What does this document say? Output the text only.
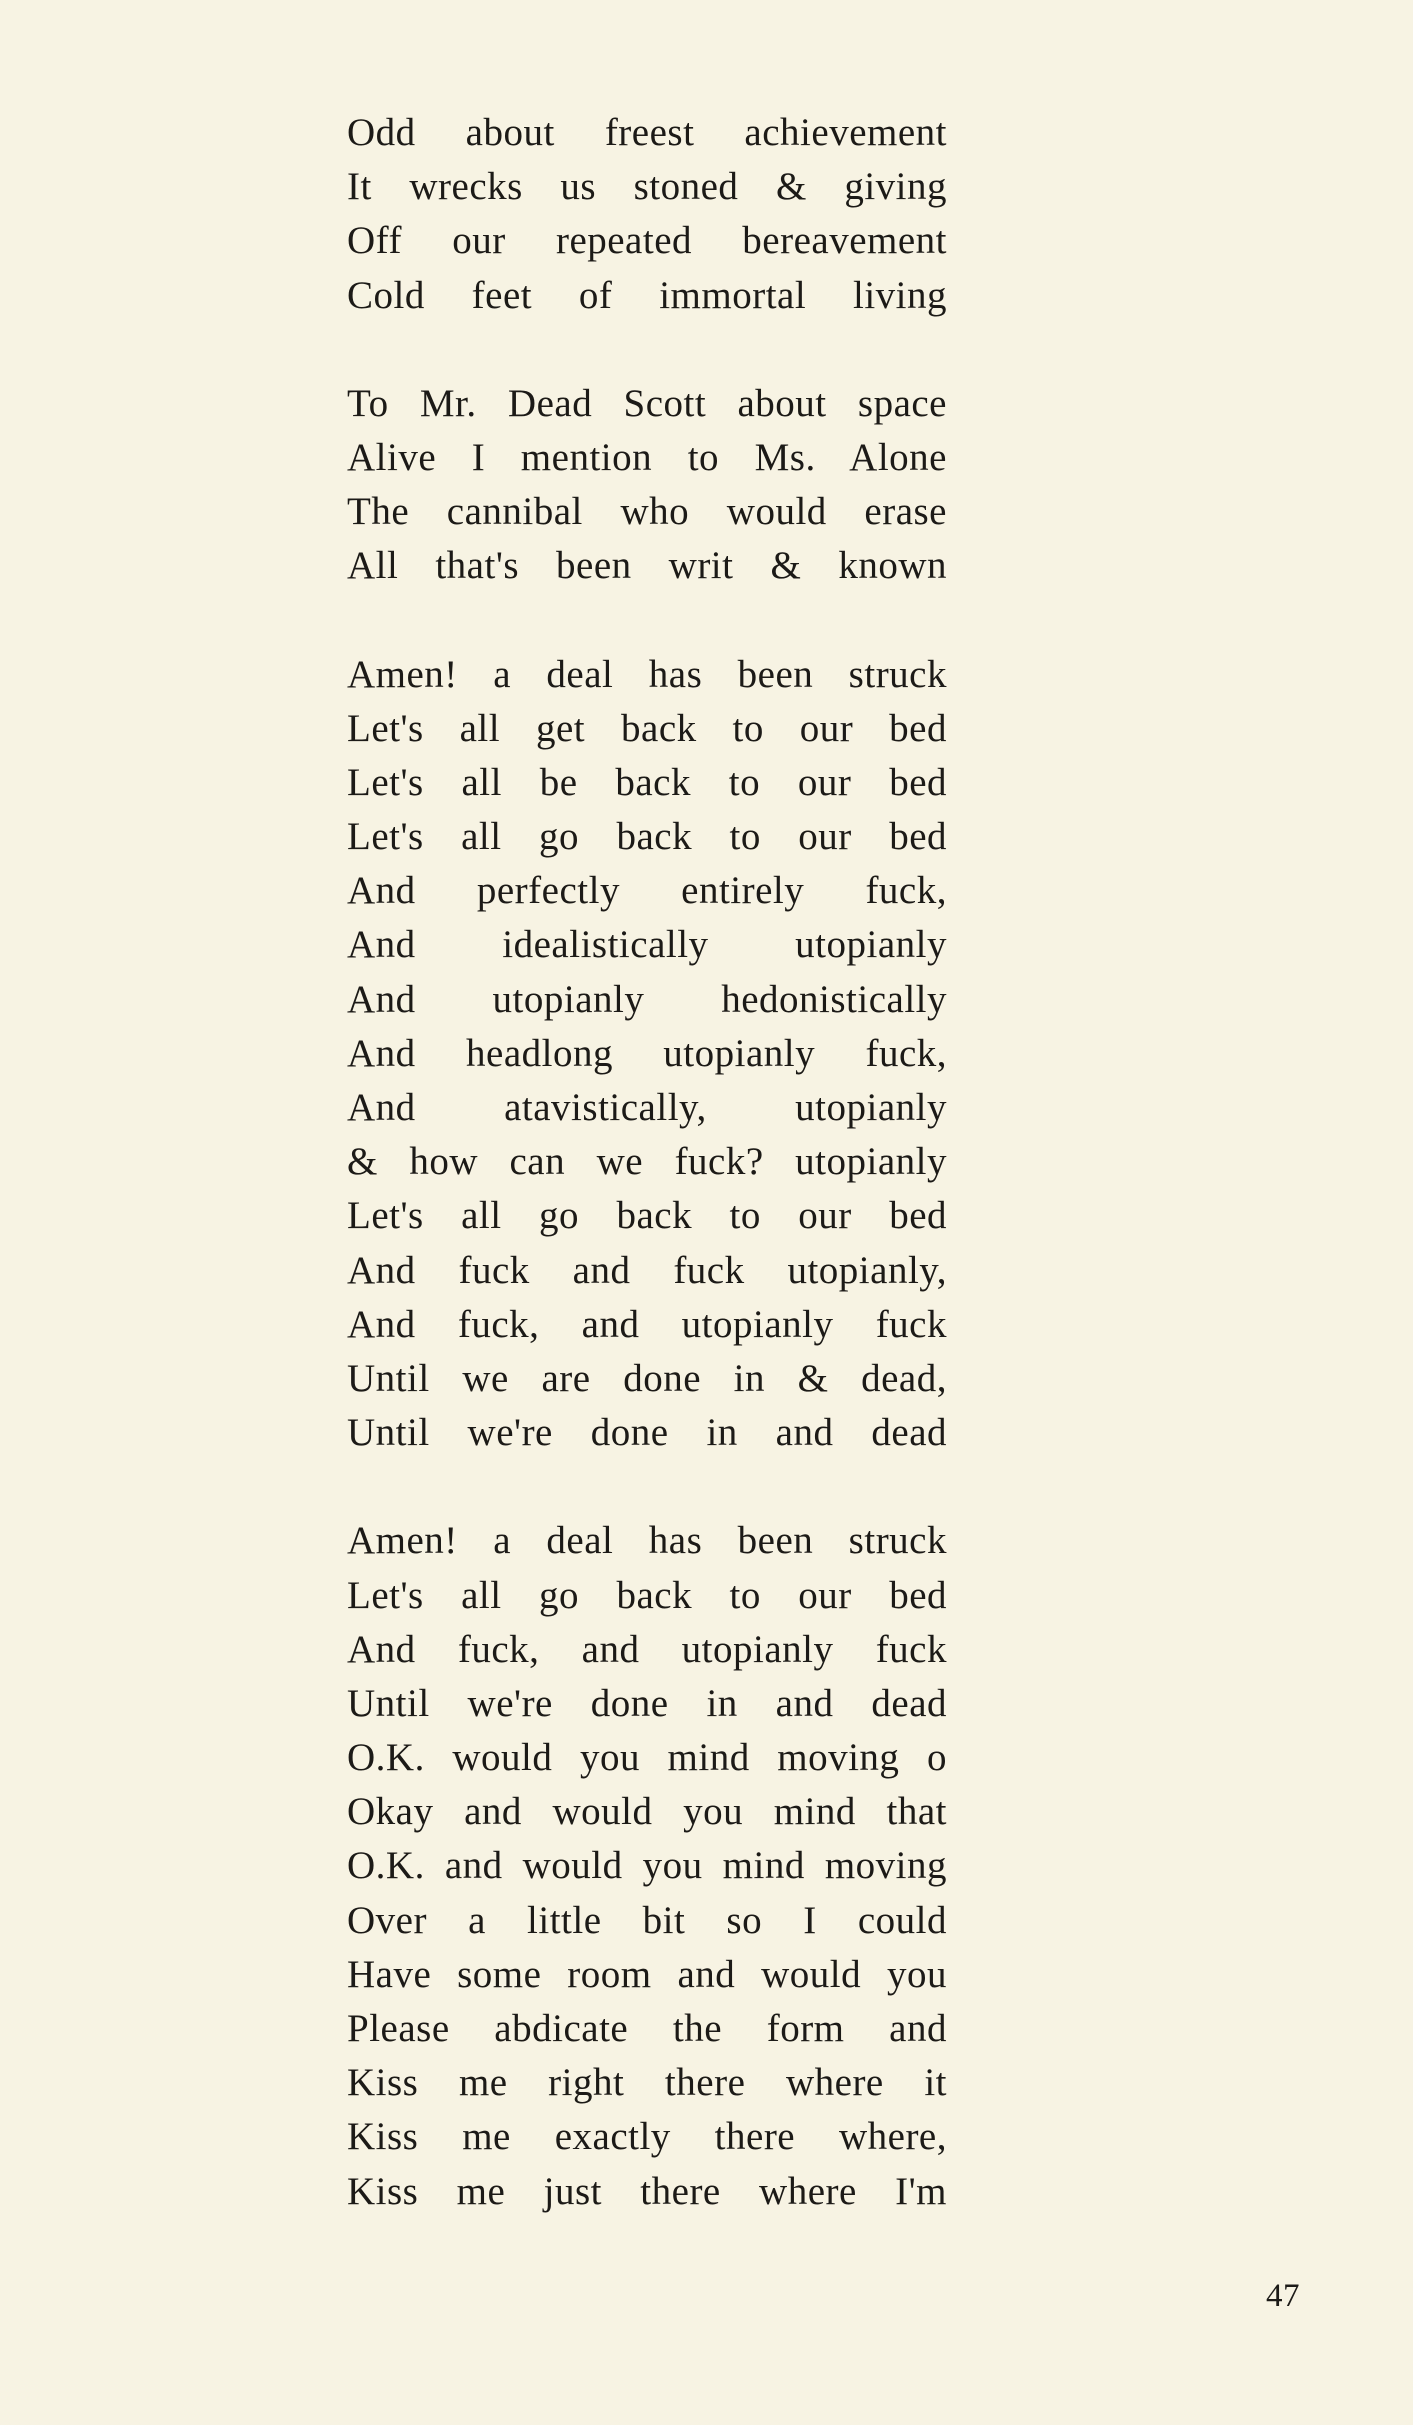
Odd about freest achievement
It wrecks us stoned & giving
Off our repeated bereavement
Cold feet of immortal living
To Mr. Dead Scott about space
Alive I mention to Ms. Alone
The cannibal who would erase
All that's been writ & known
Amen! a deal has been struck
Let's all get back to our bed
Let's all be back to our bed
Let's all go back to our bed
And perfectly entirely fuck,
And idealistically utopianly
And utopianly hedonistically
And headlong utopianly fuck,
And atavistically, utopianly
& how can we fuck? utopianly
Let's all go back to our bed
And fuck and fuck utopianly,
And fuck, and utopianly fuck
Until we are done in & dead,
Until we're done in and dead
Amen! a deal has been struck
Let's all go back to our bed
And fuck, and utopianly fuck
Until we're done in and dead
O.K. would you mind moving o
Okay and would you mind that
O.K. and would you mind moving
Over a little bit so I could
Have some room and would you
Please abdicate the form and
Kiss me right there where it
Kiss me exactly there where,
Kiss me just there where I'm
47
